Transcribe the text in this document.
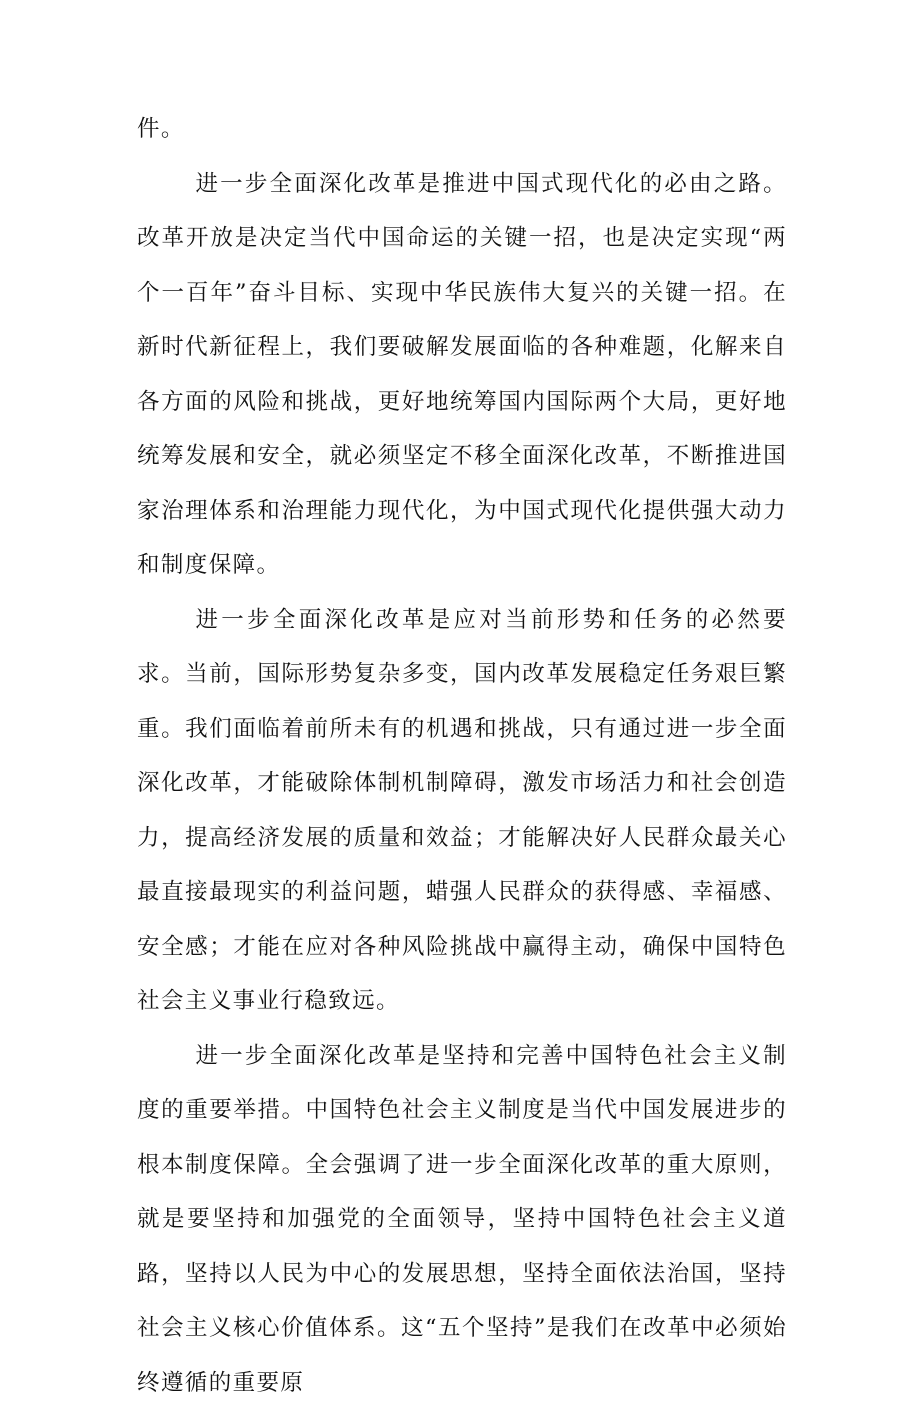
件。

进一步全面深化改革是推进中国式现代化的必由之路。改革开放是决定当代中国命运的关键一招，也是决定实现“两个一百年”奋斗目标、实现中华民族伟大复兴的关键一招。在新时代新征程上，我们要破解发展面临的各种难题，化解来自各方面的风险和挑战，更好地统筹国内国际两个大局，更好地统筹发展和安全，就必须坚定不移全面深化改革，不断推进国家治理体系和治理能力现代化，为中国式现代化提供强大动力和制度保障。

进一步全面深化改革是应对当前形势和任务的必然要求。当前，国际形势复杂多变，国内改革发展稳定任务艰巨繁重。我们面临着前所未有的机遇和挑战，只有通过进一步全面深化改革，才能破除体制机制障碍，激发市场活力和社会创造力，提高经济发展的质量和效益；才能解决好人民群众最关心最直接最现实的利益问题，蜡强人民群众的获得感、幸福感、安全感；才能在应对各种风险挑战中赢得主动，确保中国特色社会主义事业行稳致远。

进一步全面深化改革是坚持和完善中国特色社会主义制度的重要举措。中国特色社会主义制度是当代中国发展进步的根本制度保障。全会强调了进一步全面深化改革的重大原则，就是要坚持和加强党的全面领导，坚持中国特色社会主义道路，坚持以人民为中心的发展思想，坚持全面依法治国，坚持社会主义核心价值体系。这“五个坚持”是我们在改革中必须始终遵循的重要原
